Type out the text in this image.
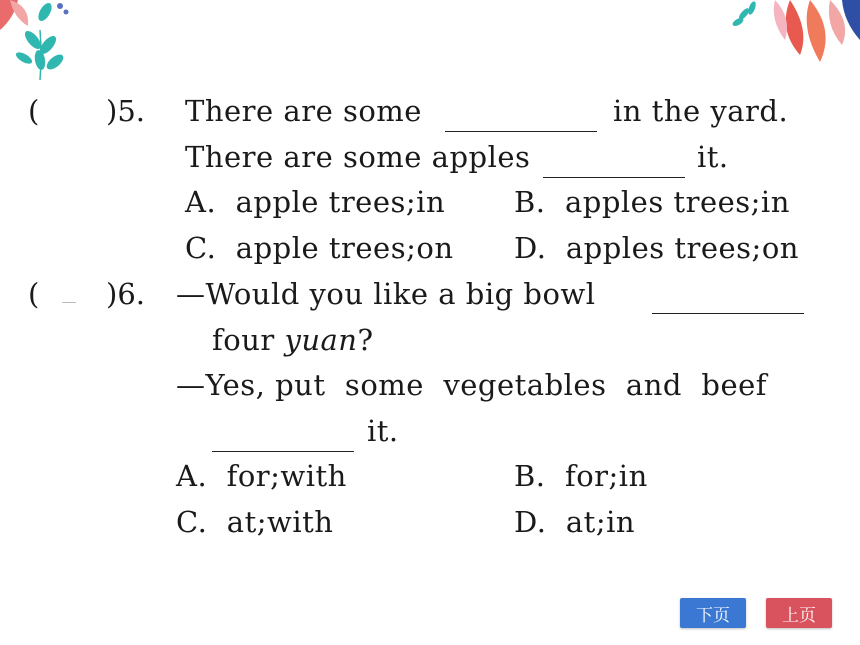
( )5. There are some	in the yard.
There are some apples	it.
A.  apple trees;in B.  apples trees;in
C.  apple trees;on D.  apples trees;on
( )6. —Would you like a big bowl
four yuan?
—Yes, put  some  vegetables  and  beef
it.
A.  for;with	B.  for;in
C.  at;with	D.  at;in
下页	上页
